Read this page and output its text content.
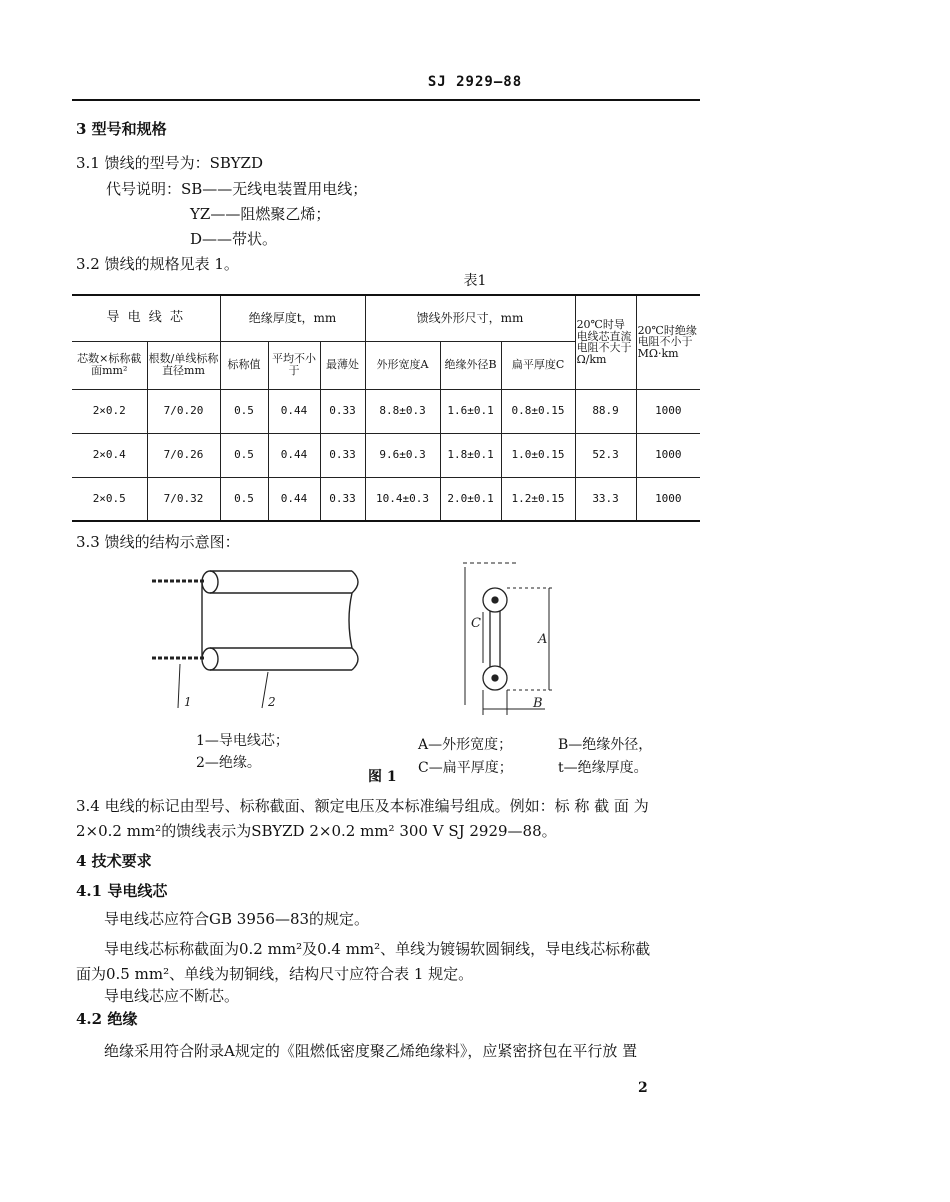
SJ 2929—88
3 型号和规格
3.1 馈线的型号为：SBYZD
代号说明：SB——无线电装置用电线；
YZ——阻燃聚乙烯；
D——带状。
3.2 馈线的规格见表 1。
表1
导 电 线 芯		绝缘厚度t，mm			馈线外形尺寸，mm			20℃时导电线芯直流电阻不大于Ω/km	20℃时绝缘电阻不小于MΩ·km
芯数×标称截面mm²	根数/单线标称直径mm	标称值	平均不小于	最薄处	外形宽度A	绝缘外径B	扁平厚度C		
2×0.2	7/0.20	0.5	0.44	0.33	8.8±0.3	1.6±0.1	0.8±0.15	88.9	1000
2×0.4	7/0.26	0.5	0.44	0.33	9.6±0.3	1.8±0.1	1.0±0.15	52.3	1000
2×0.5	7/0.32	0.5	0.44	0.33	10.4±0.3	2.0±0.1	1.2±0.15	33.3	1000
3.3 馈线的结构示意图：
1	2
C
A
B
1—导电线芯；
2—绝缘。
A—外形宽度；	B—绝缘外径，
C—扁平厚度；	t—绝缘厚度。
图 1
3.4 电线的标记由型号、标称截面、额定电压及本标准编号组成。例如：标 称 截 面 为
2×0.2 mm²的馈线表示为SBYZD 2×0.2 mm² 300 V SJ 2929—88。
4 技术要求
4.1 导电线芯
导电线芯应符合GB 3956—83的规定。
导电线芯标称截面为0.2 mm²及0.4 mm²、单线为镀锡软圆铜线，导电线芯标称截
面为0.5 mm²、单线为韧铜线，结构尺寸应符合表 1 规定。
导电线芯应不断芯。
4.2 绝缘
绝缘采用符合附录A规定的《阻燃低密度聚乙烯绝缘料》，应紧密挤包在平行放 置
2
